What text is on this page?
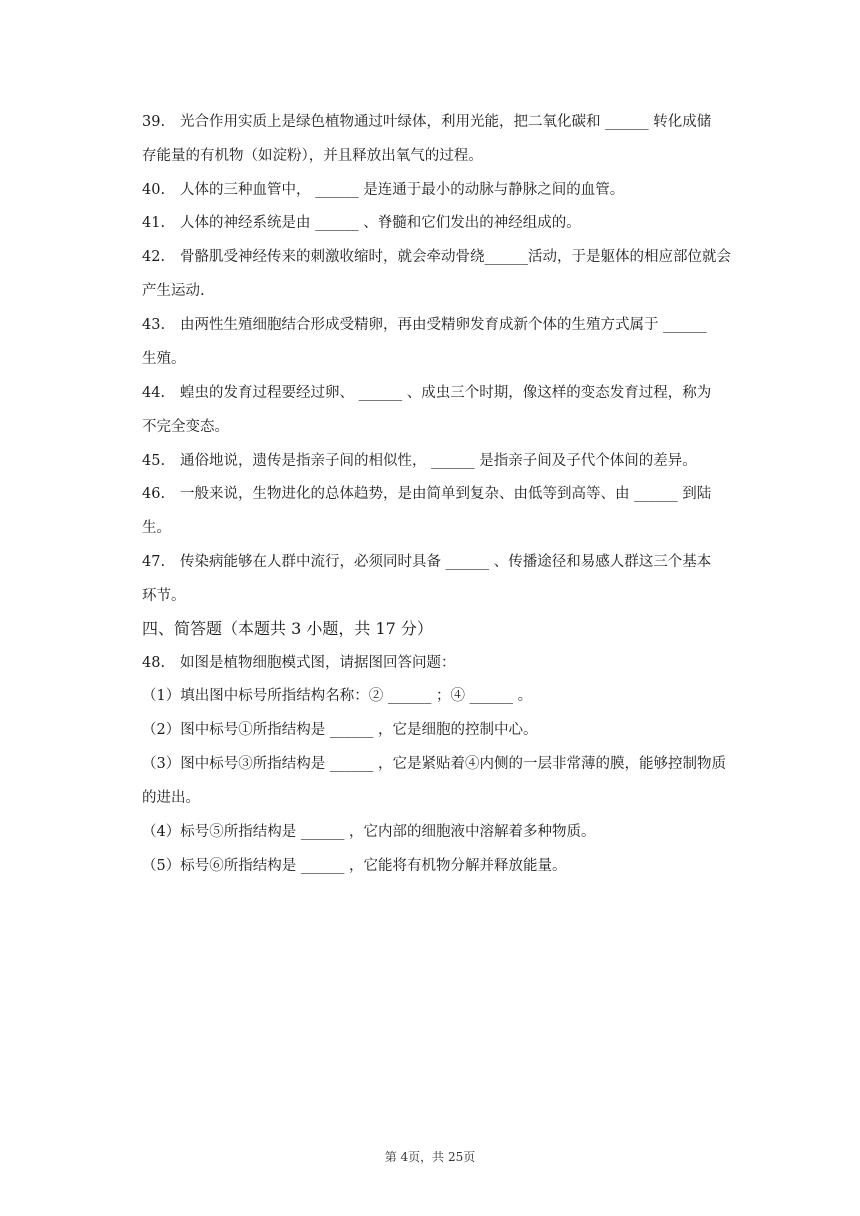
39. 光合作用实质上是绿色植物通过叶绿体，利用光能，把二氧化碳和 ______ 转化成储
存能量的有机物（如淀粉），并且释放出氧气的过程。
40. 人体的三种血管中， ______ 是连通于最小的动脉与静脉之间的血管。
41. 人体的神经系统是由 ______ 、脊髓和它们发出的神经组成的。
42. 骨骼肌受神经传来的刺激收缩时，就会牵动骨绕______活动，于是躯体的相应部位就会
产生运动.
43. 由两性生殖细胞结合形成受精卵，再由受精卵发育成新个体的生殖方式属于 ______
生殖。
44. 蝗虫的发育过程要经过卵、 ______ 、成虫三个时期，像这样的变态发育过程，称为
不完全变态。
45. 通俗地说，遗传是指亲子间的相似性， ______ 是指亲子间及子代个体间的差异。
46. 一般来说，生物进化的总体趋势，是由简单到复杂、由低等到高等、由 ______ 到陆
生。
47. 传染病能够在人群中流行，必须同时具备 ______ 、传播途径和易感人群这三个基本
环节。
四、简答题（本题共 3 小题，共 17 分）
48. 如图是植物细胞模式图，请据图回答问题：
（1）填出图中标号所指结构名称：② ______ ；④ ______ 。
（2）图中标号①所指结构是 ______ ，它是细胞的控制中心。
（3）图中标号③所指结构是 ______ ，它是紧贴着④内侧的一层非常薄的膜，能够控制物质
的进出。
（4）标号⑤所指结构是 ______ ，它内部的细胞液中溶解着多种物质。
（5）标号⑥所指结构是 ______ ，它能将有机物分解并释放能量。
第 4页，共 25页
